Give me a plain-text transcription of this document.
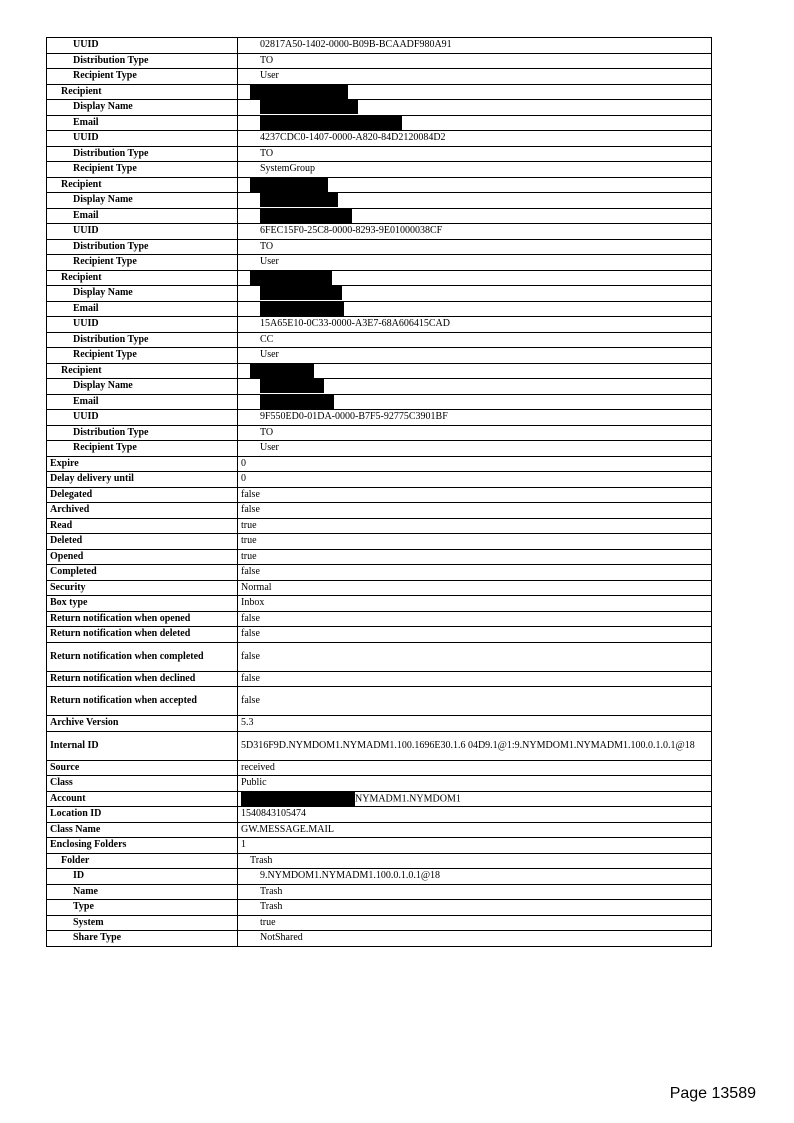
UUID	02817A50-1402-0000-B09B-BCAADF980A91
Distribution Type	TO
Recipient Type	User
Recipient	
Display Name	
Email	
UUID	4237CDC0-1407-0000-A820-84D2120084D2
Distribution Type	TO
Recipient Type	SystemGroup
Recipient	
Display Name	
Email	
UUID	6FEC15F0-25C8-0000-8293-9E01000038CF
Distribution Type	TO
Recipient Type	User
Recipient	
Display Name	
Email	
UUID	15A65E10-0C33-0000-A3E7-68A606415CAD
Distribution Type	CC
Recipient Type	User
Recipient	
Display Name	
Email	
UUID	9F550ED0-01DA-0000-B7F5-92775C3901BF
Distribution Type	TO
Recipient Type	User
Expire	0
Delay delivery until	0
Delegated	false
Archived	false
Read	true
Deleted	true
Opened	true
Completed	false
Security	Normal
Box type	Inbox
Return notification when opened	false
Return notification when deleted	false
Return notification when completed	false
Return notification when declined	false
Return notification when accepted	false
Archive Version	5.3
Internal ID	5D316F9D.NYMDOM1.NYMADM1.100.1696E30.1.6 04D9.1@1:9.NYMDOM1.NYMADM1.100.0.1.0.1@18
Source	received
Class	Public
Account	NYMADM1.NYMDOM1
Location ID	1540843105474
Class Name	GW.MESSAGE.MAIL
Enclosing Folders	1
Folder	Trash
ID	9.NYMDOM1.NYMADM1.100.0.1.0.1@18
Name	Trash
Type	Trash
System	true
Share Type	NotShared
Page 13589
